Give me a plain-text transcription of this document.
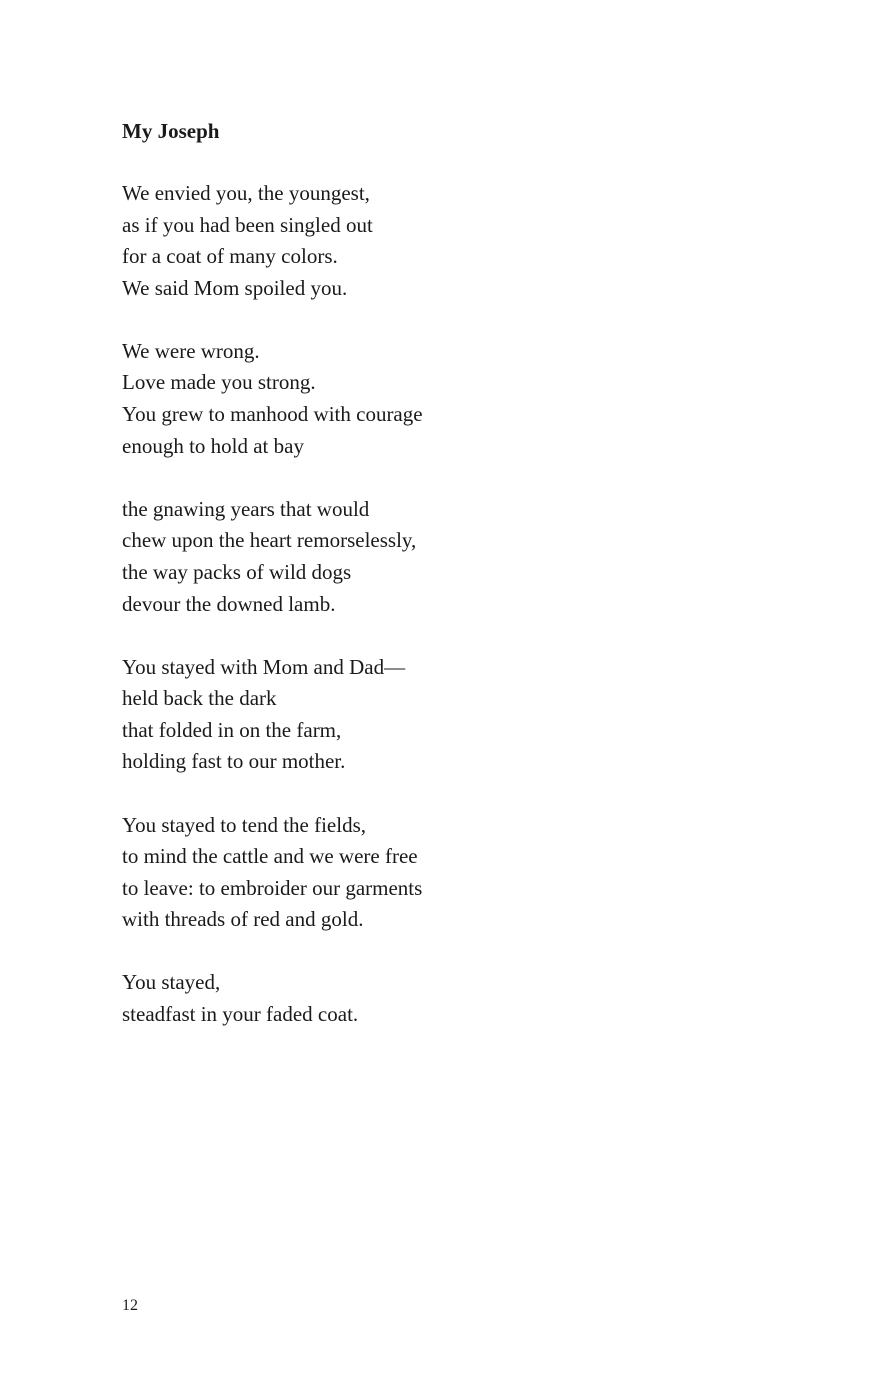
My Joseph
We envied you, the youngest,
as if you had been singled out
for a coat of many colors.
We said Mom spoiled you.
We were wrong.
Love made you strong.
You grew to manhood with courage
enough to hold at bay
the gnawing years that would
chew upon the heart remorselessly,
the way packs of wild dogs
devour the downed lamb.
You stayed with Mom and Dad—
held back the dark
that folded in on the farm,
holding fast to our mother.
You stayed to tend the fields,
to mind the cattle and we were free
to leave: to embroider our garments
with threads of red and gold.
You stayed,
steadfast in your faded coat.
12
